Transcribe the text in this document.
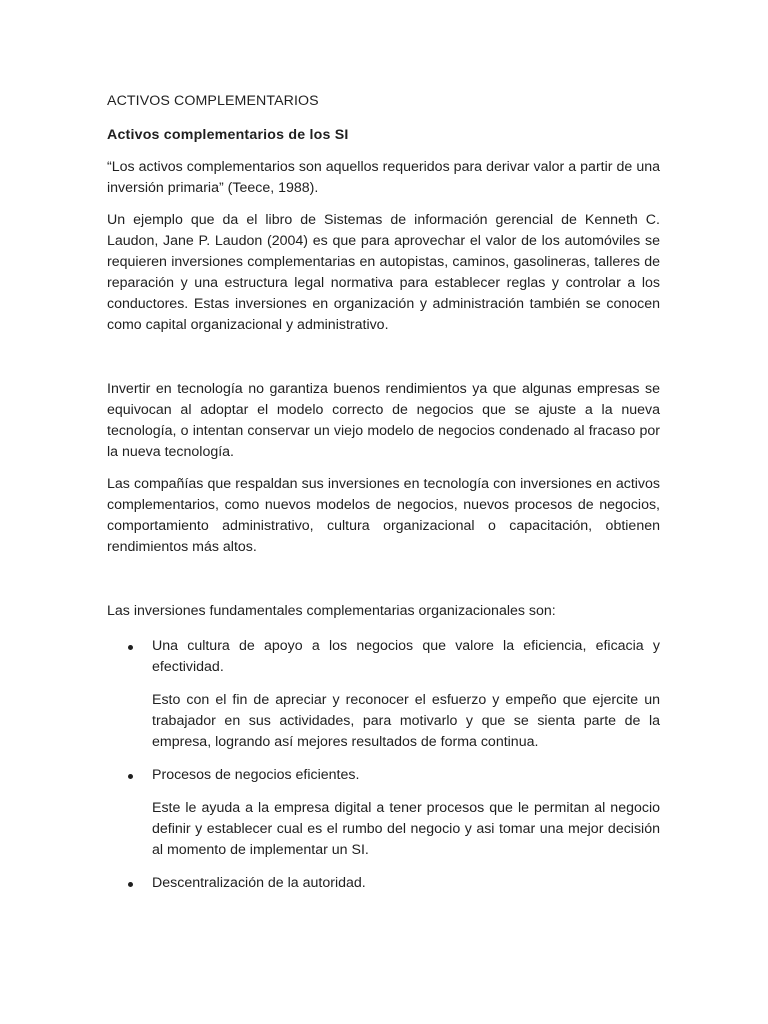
ACTIVOS COMPLEMENTARIOS
Activos complementarios de los SI

“Los activos complementarios son aquellos requeridos para derivar valor a partir de una inversión primaria” (Teece, 1988).

Un ejemplo que da el libro de Sistemas de información gerencial de Kenneth C. Laudon, Jane P. Laudon (2004) es que para aprovechar el valor de los automóviles se requieren inversiones complementarias en autopistas, caminos, gasolineras, talleres de reparación y una estructura legal normativa para establecer reglas y controlar a los conductores. Estas inversiones en organización y administración también se conocen como capital organizacional y administrativo.

Invertir en tecnología no garantiza buenos rendimientos ya que algunas empresas se equivocan al adoptar el modelo correcto de negocios que se ajuste a la nueva tecnología, o intentan conservar un viejo modelo de negocios condenado al fracaso por la nueva tecnología.

Las compañías que respaldan sus inversiones en tecnología con inversiones en activos complementarios, como nuevos modelos de negocios, nuevos procesos de negocios, comportamiento administrativo, cultura organizacional o capacitación, obtienen rendimientos más altos.

Las inversiones fundamentales complementarias organizacionales son:

Una cultura de apoyo a los negocios que valore la eficiencia, eficacia y efectividad.

Esto con el fin de apreciar y reconocer el esfuerzo y empeño que ejercite un trabajador en sus actividades, para motivarlo y que se sienta parte de la empresa, logrando así mejores resultados de forma continua.

Procesos de negocios eficientes.

Este le ayuda a la empresa digital a tener procesos que le permitan al negocio definir y establecer cual es el rumbo del negocio y asi tomar una mejor decisión al momento de implementar un SI.

Descentralización de la autoridad.
